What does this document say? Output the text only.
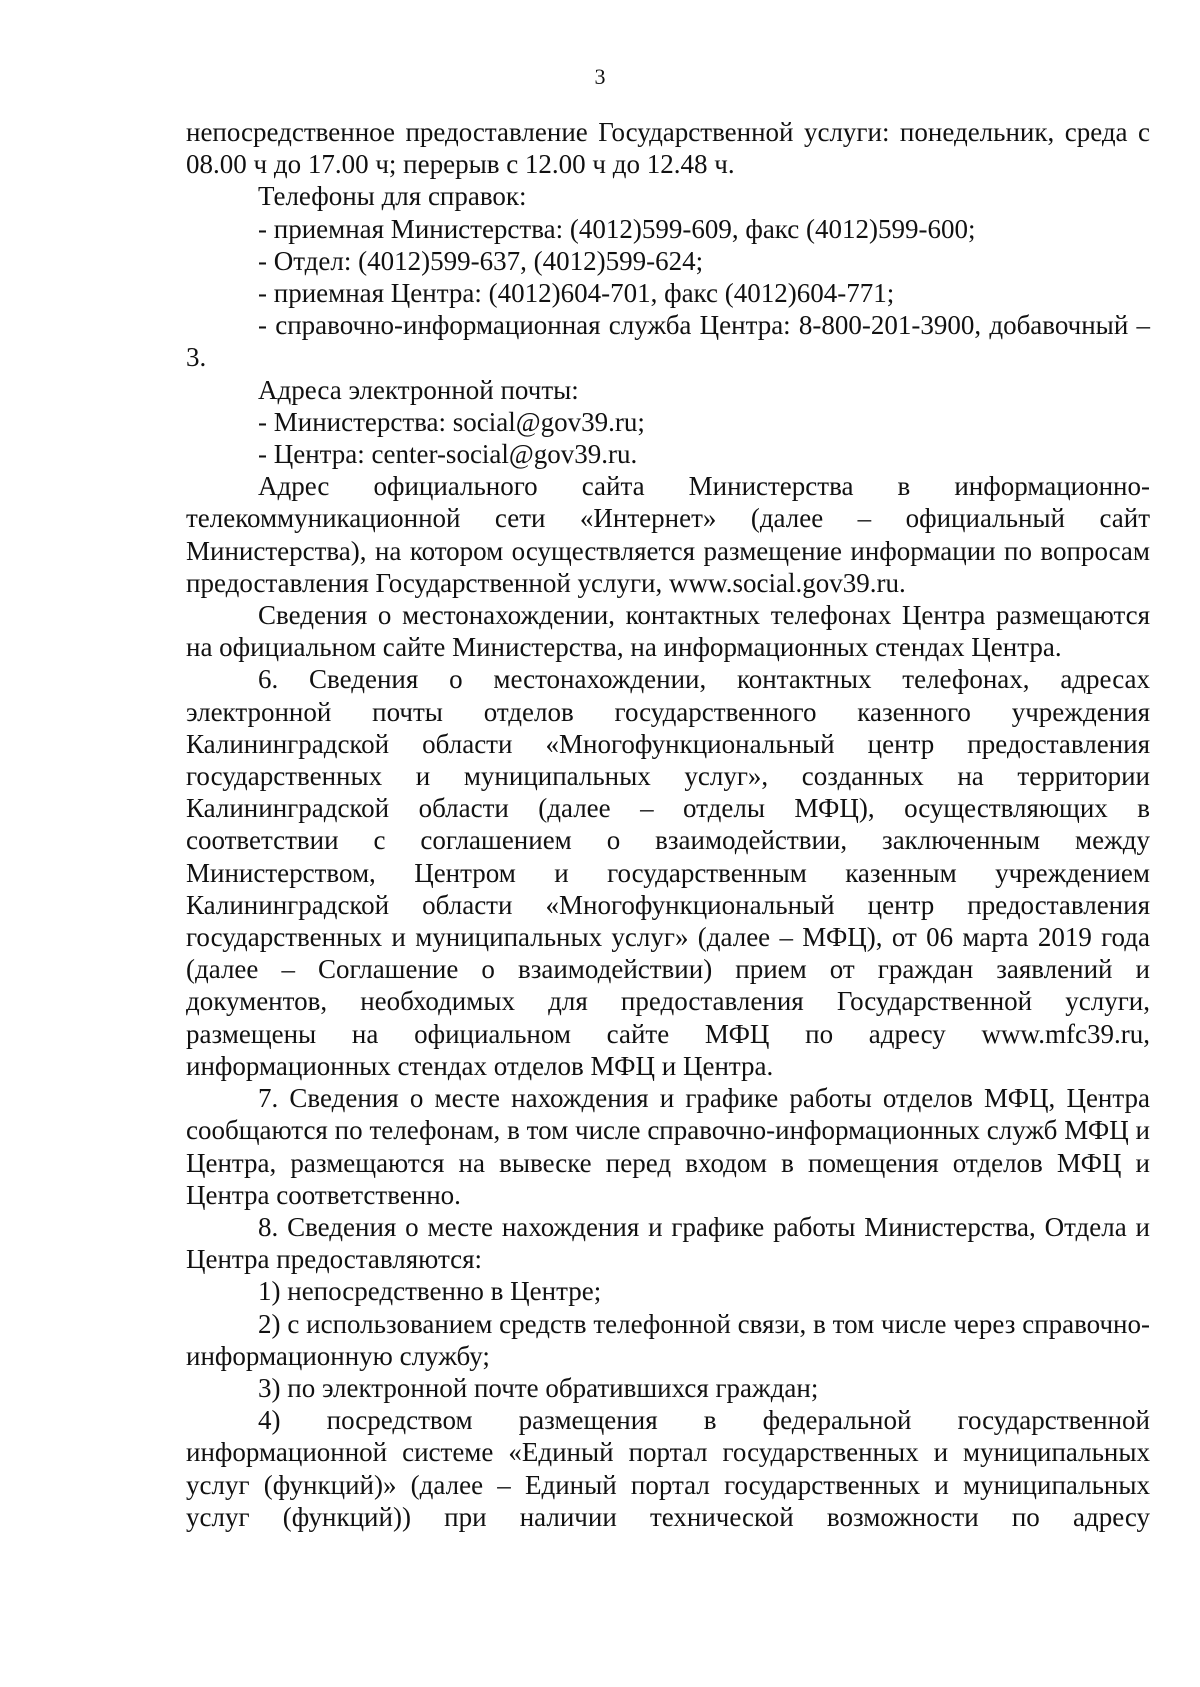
3

непосредственное предоставление Государственной услуги: понедельник, среда с 08.00 ч до 17.00 ч; перерыв с 12.00 ч до 12.48 ч.

Телефоны для справок:

- приемная Министерства: (4012)599-609, факс (4012)599-600;

- Отдел: (4012)599-637, (4012)599-624;

- приемная Центра: (4012)604-701, факс (4012)604-771;

- справочно-информационная служба Центра: 8-800-201-3900, добавочный – 3.

Адреса электронной почты:

- Министерства: social@gov39.ru;

- Центра: center-social@gov39.ru.

Адрес официального сайта Министерства в информационно-телекоммуникационной сети «Интернет» (далее – официальный сайт Министерства), на котором осуществляется размещение информации по вопросам предоставления Государственной услуги, www.social.gov39.ru.

Сведения о местонахождении, контактных телефонах Центра размещаются на официальном сайте Министерства, на информационных стендах Центра.

6. Сведения о местонахождении, контактных телефонах, адресах электронной почты отделов государственного казенного учреждения Калининградской области «Многофункциональный центр предоставления государственных и муниципальных услуг», созданных на территории Калининградской области (далее – отделы МФЦ), осуществляющих в соответствии с соглашением о взаимодействии, заключенным между Министерством, Центром и государственным казенным учреждением Калининградской области «Многофункциональный центр предоставления государственных и муниципальных услуг» (далее – МФЦ), от 06 марта 2019 года (далее – Соглашение о взаимодействии) прием от граждан заявлений и документов, необходимых для предоставления Государственной услуги, размещены на официальном сайте МФЦ по адресу www.mfc39.ru, информационных стендах отделов МФЦ и Центра.

7. Сведения о месте нахождения и графике работы отделов МФЦ, Центра сообщаются по телефонам, в том числе справочно-информационных служб МФЦ и Центра, размещаются на вывеске перед входом в помещения отделов МФЦ и Центра соответственно.

8. Сведения о месте нахождения и графике работы Министерства, Отдела и Центра предоставляются:

1) непосредственно в Центре;

2) с использованием средств телефонной связи, в том числе через справочно-информационную службу;

3) по электронной почте обратившихся граждан;

4) посредством размещения в федеральной государственной информационной системе «Единый портал государственных и муниципальных услуг (функций)» (далее – Единый портал государственных и муниципальных услуг (функций)) при наличии технической возможности по адресу
